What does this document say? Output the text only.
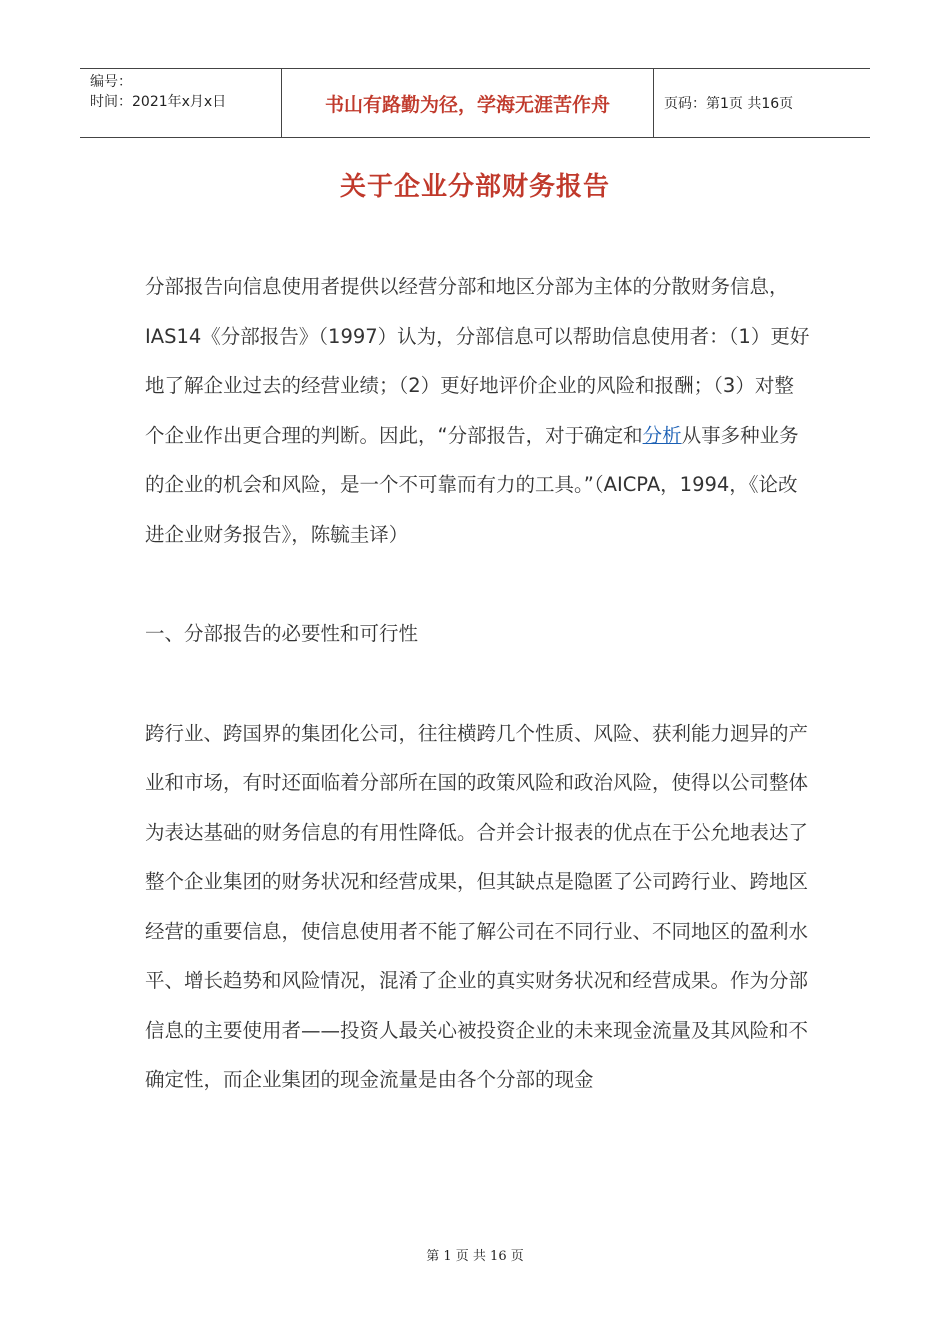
编号：
时间：2021年x月x日	书山有路勤为径，学海无涯苦作舟	页码：第1页 共16页
关于企业分部财务报告

分部报告向信息使用者提供以经营分部和地区分部为主体的分散财务信息，IAS14《分部报告》（1997）认为，分部信息可以帮助信息使用者：（1）更好地了解企业过去的经营业绩；（2）更好地评价企业的风险和报酬；（3）对整个企业作出更合理的判断。因此，“分部报告，对于确定和分析从事多种业务的企业的机会和风险，是一个不可靠而有力的工具。”（AICPA，1994，《论改进企业财务报告》，陈毓圭译）

一、分部报告的必要性和可行性

跨行业、跨国界的集团化公司，往往横跨几个性质、风险、获利能力迥异的产业和市场，有时还面临着分部所在国的政策风险和政治风险，使得以公司整体为表达基础的财务信息的有用性降低。合并会计报表的优点在于公允地表达了整个企业集团的财务状况和经营成果，但其缺点是隐匿了公司跨行业、跨地区经营的重要信息，使信息使用者不能了解公司在不同行业、不同地区的盈利水平、增长趋势和风险情况，混淆了企业的真实财务状况和经营成果。作为分部信息的主要使用者——投资人最关心被投资企业的未来现金流量及其风险和不确定性，而企业集团的现金流量是由各个分部的现金

第 1 页 共 16 页
